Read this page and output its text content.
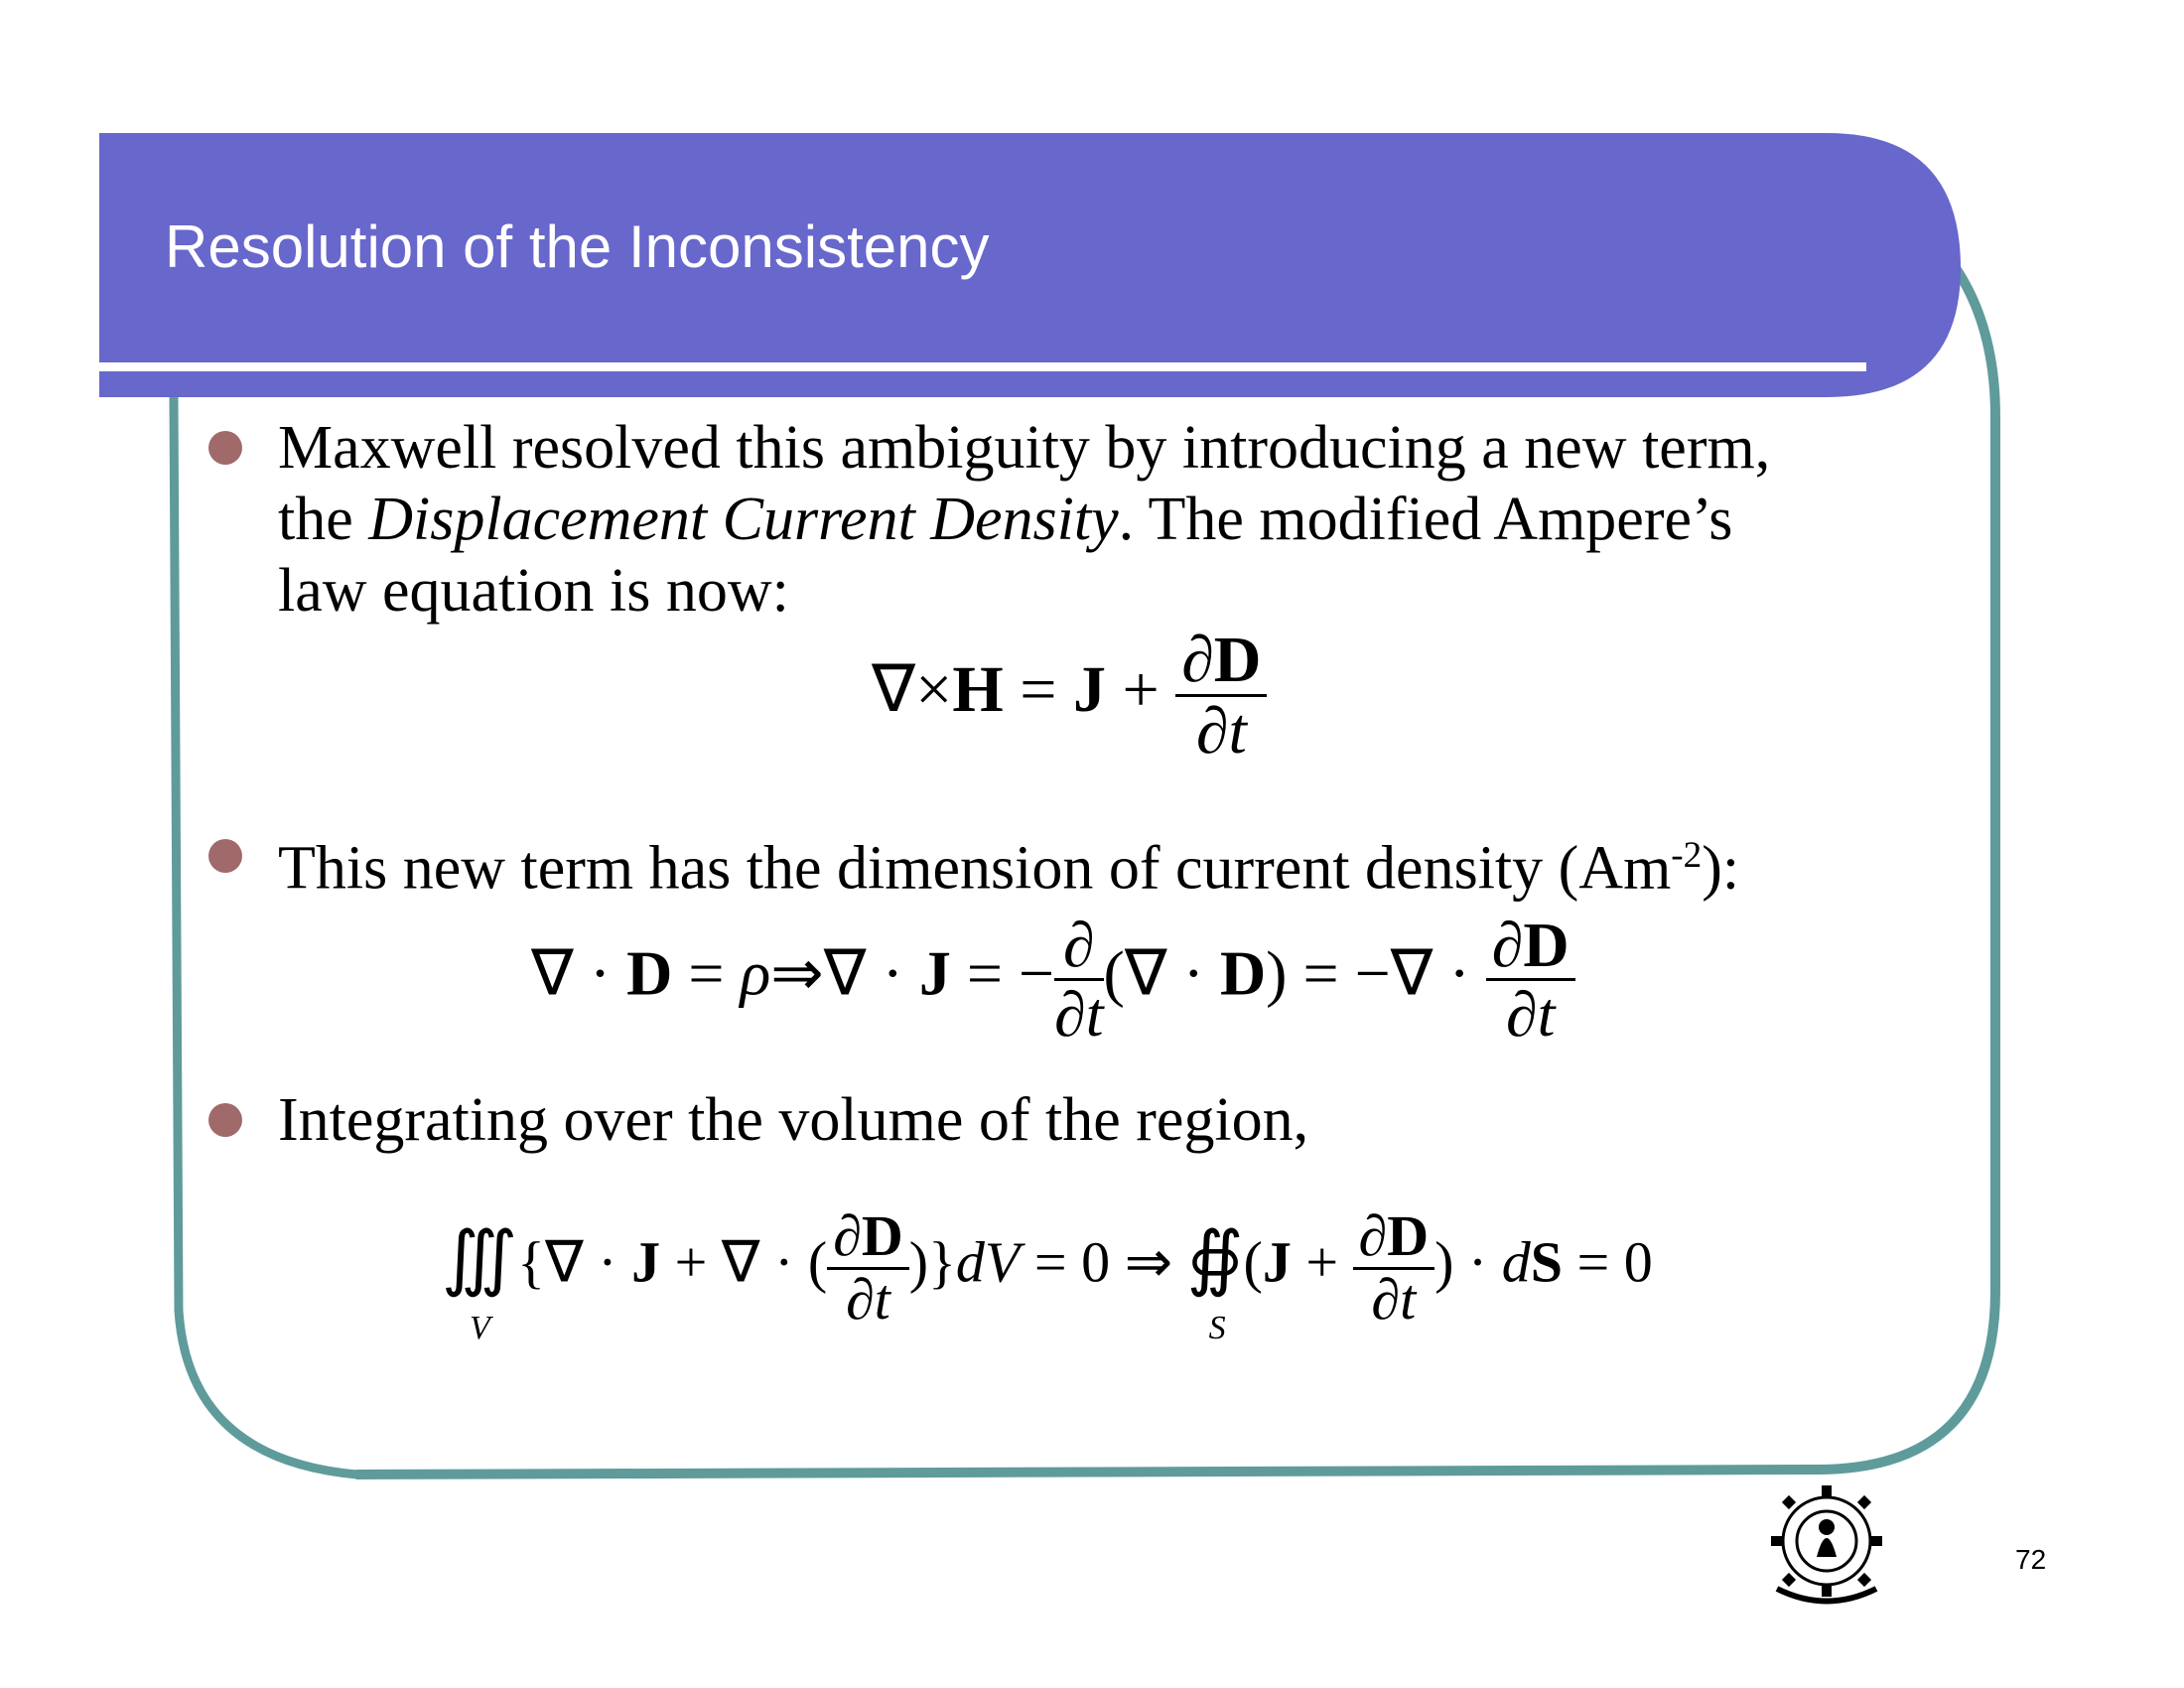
Resolution of the Inconsistency
Maxwell resolved this ambiguity by introducing a new term,
the Displacement Current Density. The modified Ampere’s
law equation is now:
$\nabla\times H = J + \frac{\partial D}{\partial t}$
This new term has the dimension of current density $(Am^{-2})$:
∇ · D = ρ⇒∇ · J = − $\frac{\partial}{\partial t}$ (∇ · D) = −∇ · $\frac{\partial D}{\partial t}$
Integrating over the volume of the region,
∭
V
{∇ · J + ∇ · ( $\frac{\partial D}{\partial t} )\}dV = 0$ ⇒ ∯
S
($J + \frac{\partial D}{\partial t}$ ) · dS = 0
72
